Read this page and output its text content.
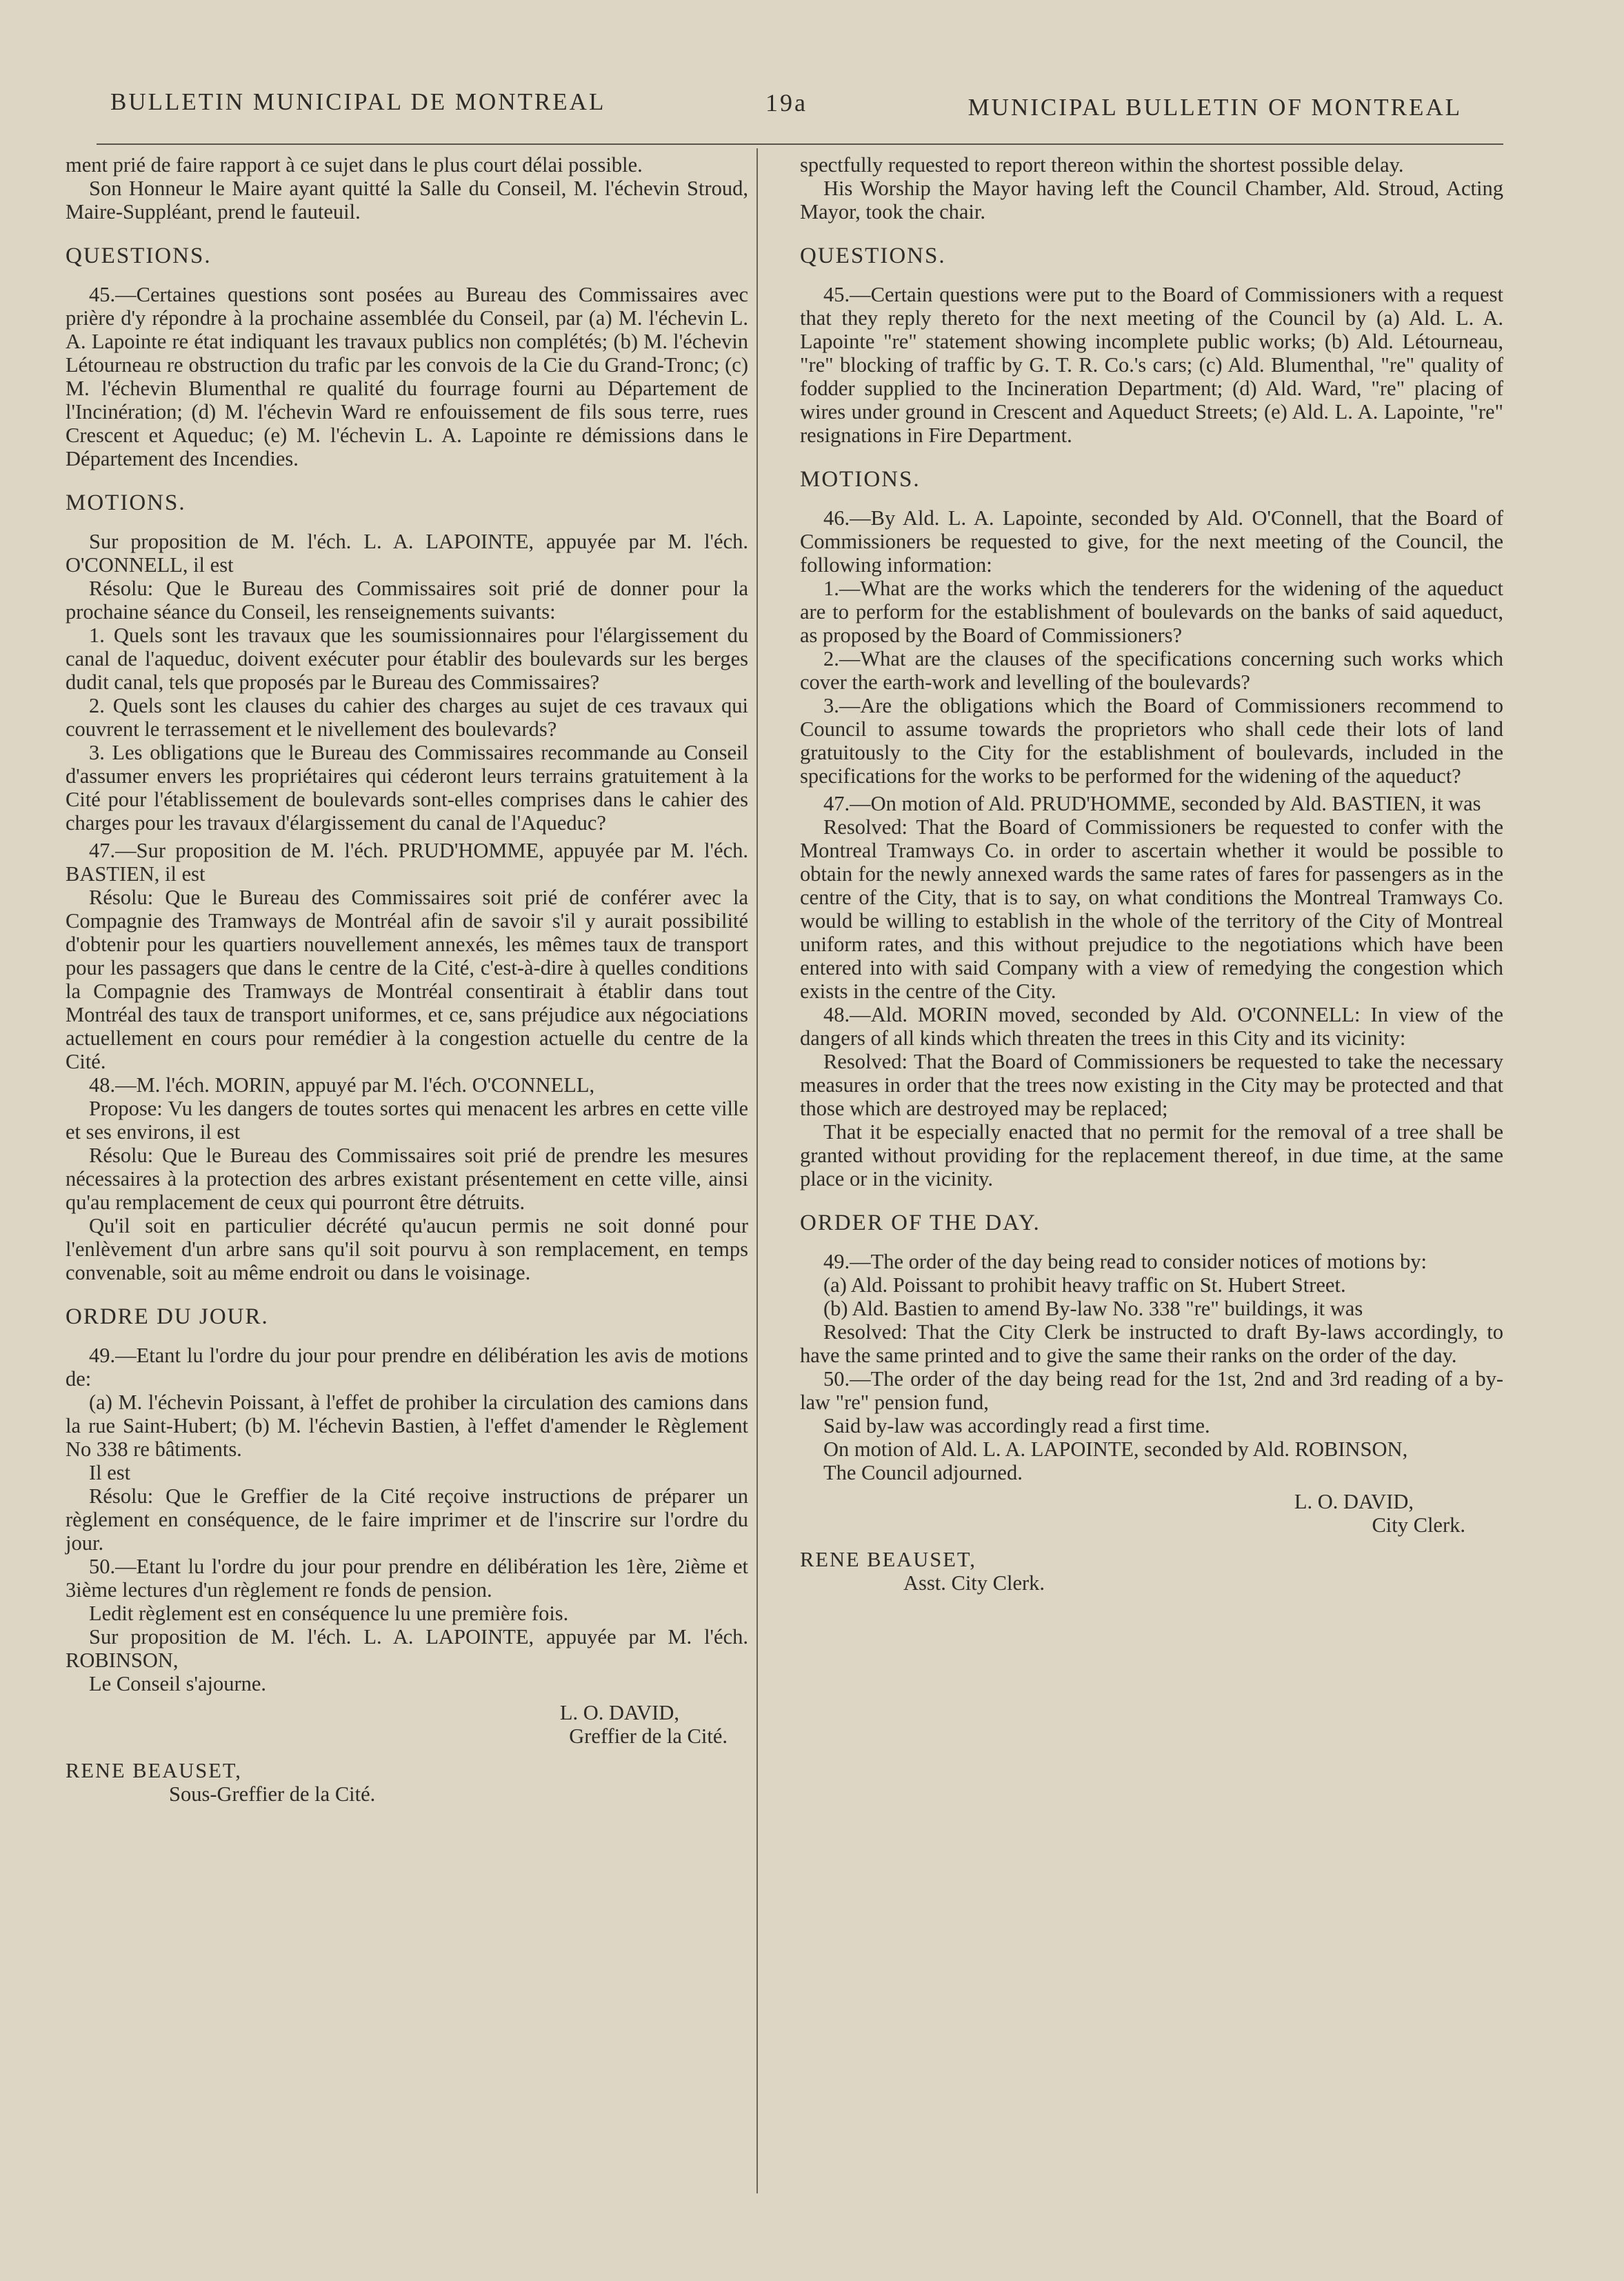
BULLETIN MUNICIPAL DE MONTREAL	19a	MUNICIPAL BULLETIN OF MONTREAL

ment prié de faire rapport à ce sujet dans le plus court délai possible.

Son Honneur le Maire ayant quitté la Salle du Conseil, M. l'échevin Stroud, Maire-Suppléant, prend le fauteuil.

QUESTIONS.

45.—Certaines questions sont posées au Bureau des Commissaires avec prière d'y répondre à la prochaine assemblée du Conseil, par (a) M. l'échevin L. A. Lapointe re état indiquant les travaux publics non complétés; (b) M. l'échevin Létourneau re obstruction du trafic par les convois de la Cie du Grand-Tronc; (c) M. l'échevin Blumenthal re qualité du fourrage fourni au Département de l'Incinération; (d) M. l'échevin Ward re enfouissement de fils sous terre, rues Crescent et Aqueduc; (e) M. l'échevin L. A. Lapointe re démissions dans le Département des Incendies.

MOTIONS.

Sur proposition de M. l'éch. L. A. LAPOINTE, appuyée par M. l'éch. O'CONNELL, il est

Résolu: Que le Bureau des Commissaires soit prié de donner pour la prochaine séance du Conseil, les renseignements suivants:

1. Quels sont les travaux que les soumissionnaires pour l'élargissement du canal de l'aqueduc, doivent exécuter pour établir des boulevards sur les berges dudit canal, tels que proposés par le Bureau des Commissaires?

2. Quels sont les clauses du cahier des charges au sujet de ces travaux qui couvrent le terrassement et le nivellement des boulevards?

3. Les obligations que le Bureau des Commissaires recommande au Conseil d'assumer envers les propriétaires qui céderont leurs terrains gratuitement à la Cité pour l'établissement de boulevards sont-elles comprises dans le cahier des charges pour les travaux d'élargissement du canal de l'Aqueduc?

47.—Sur proposition de M. l'éch. PRUD'HOMME, appuyée par M. l'éch. BASTIEN, il est

Résolu: Que le Bureau des Commissaires soit prié de conférer avec la Compagnie des Tramways de Montréal afin de savoir s'il y aurait possibilité d'obtenir pour les quartiers nouvellement annexés, les mêmes taux de transport pour les passagers que dans le centre de la Cité, c'est-à-dire à quelles conditions la Compagnie des Tramways de Montréal consentirait à établir dans tout Montréal des taux de transport uniformes, et ce, sans préjudice aux négociations actuellement en cours pour remédier à la congestion actuelle du centre de la Cité.

48.—M. l'éch. MORIN, appuyé par M. l'éch. O'CONNELL,

Propose: Vu les dangers de toutes sortes qui menacent les arbres en cette ville et ses environs, il est

Résolu: Que le Bureau des Commissaires soit prié de prendre les mesures nécessaires à la protection des arbres existant présentement en cette ville, ainsi qu'au remplacement de ceux qui pourront être détruits.

Qu'il soit en particulier décrété qu'aucun permis ne soit donné pour l'enlèvement d'un arbre sans qu'il soit pourvu à son remplacement, en temps convenable, soit au même endroit ou dans le voisinage.

ORDRE DU JOUR.

49.—Etant lu l'ordre du jour pour prendre en délibération les avis de motions de:

(a) M. l'échevin Poissant, à l'effet de prohiber la circulation des camions dans la rue Saint-Hubert; (b) M. l'échevin Bastien, à l'effet d'amender le Règlement No 338 re bâtiments.

Il est

Résolu: Que le Greffier de la Cité reçoive instructions de préparer un règlement en conséquence, de le faire imprimer et de l'inscrire sur l'ordre du jour.

50.—Etant lu l'ordre du jour pour prendre en délibération les 1ère, 2ième et 3ième lectures d'un règlement re fonds de pension.

Ledit règlement est en conséquence lu une première fois.

Sur proposition de M. l'éch. L. A. LAPOINTE, appuyée par M. l'éch. ROBINSON,

Le Conseil s'ajourne.

L. O. DAVID,

Greffier de la Cité.

RENE BEAUSET,

Sous-Greffier de la Cité.

spectfully requested to report thereon within the shortest possible delay.

His Worship the Mayor having left the Council Chamber, Ald. Stroud, Acting Mayor, took the chair.

QUESTIONS.

45.—Certain questions were put to the Board of Commissioners with a request that they reply thereto for the next meeting of the Council by (a) Ald. L. A. Lapointe "re" statement showing incomplete public works; (b) Ald. Létourneau, "re" blocking of traffic by G. T. R. Co.'s cars; (c) Ald. Blumenthal, "re" quality of fodder supplied to the Incineration Department; (d) Ald. Ward, "re" placing of wires under ground in Crescent and Aqueduct Streets; (e) Ald. L. A. Lapointe, "re" resignations in Fire Department.

MOTIONS.

46.—By Ald. L. A. Lapointe, seconded by Ald. O'Connell, that the Board of Commissioners be requested to give, for the next meeting of the Council, the following information:

1.—What are the works which the tenderers for the widening of the aqueduct are to perform for the establishment of boulevards on the banks of said aqueduct, as proposed by the Board of Commissioners?

2.—What are the clauses of the specifications concerning such works which cover the earth-work and levelling of the boulevards?

3.—Are the obligations which the Board of Commissioners recommend to Council to assume towards the proprietors who shall cede their lots of land gratuitously to the City for the establishment of boulevards, included in the specifications for the works to be performed for the widening of the aqueduct?

47.—On motion of Ald. PRUD'HOMME, seconded by Ald. BASTIEN, it was

Resolved: That the Board of Commissioners be requested to confer with the Montreal Tramways Co. in order to ascertain whether it would be possible to obtain for the newly annexed wards the same rates of fares for passengers as in the centre of the City, that is to say, on what conditions the Montreal Tramways Co. would be willing to establish in the whole of the territory of the City of Montreal uniform rates, and this without prejudice to the negotiations which have been entered into with said Company with a view of remedying the congestion which exists in the centre of the City.

48.—Ald. MORIN moved, seconded by Ald. O'CONNELL: In view of the dangers of all kinds which threaten the trees in this City and its vicinity:

Resolved: That the Board of Commissioners be requested to take the necessary measures in order that the trees now existing in the City may be protected and that those which are destroyed may be replaced;

That it be especially enacted that no permit for the removal of a tree shall be granted without providing for the replacement thereof, in due time, at the same place or in the vicinity.

ORDER OF THE DAY.

49.—The order of the day being read to consider notices of motions by:

(a) Ald. Poissant to prohibit heavy traffic on St. Hubert Street.

(b) Ald. Bastien to amend By-law No. 338 "re" buildings, it was

Resolved: That the City Clerk be instructed to draft By-laws accordingly, to have the same printed and to give the same their ranks on the order of the day.

50.—The order of the day being read for the 1st, 2nd and 3rd reading of a by-law "re" pension fund,

Said by-law was accordingly read a first time.

On motion of Ald. L. A. LAPOINTE, seconded by Ald. ROBINSON,

The Council adjourned.

L. O. DAVID,

City Clerk.

RENE BEAUSET,

Asst. City Clerk.
